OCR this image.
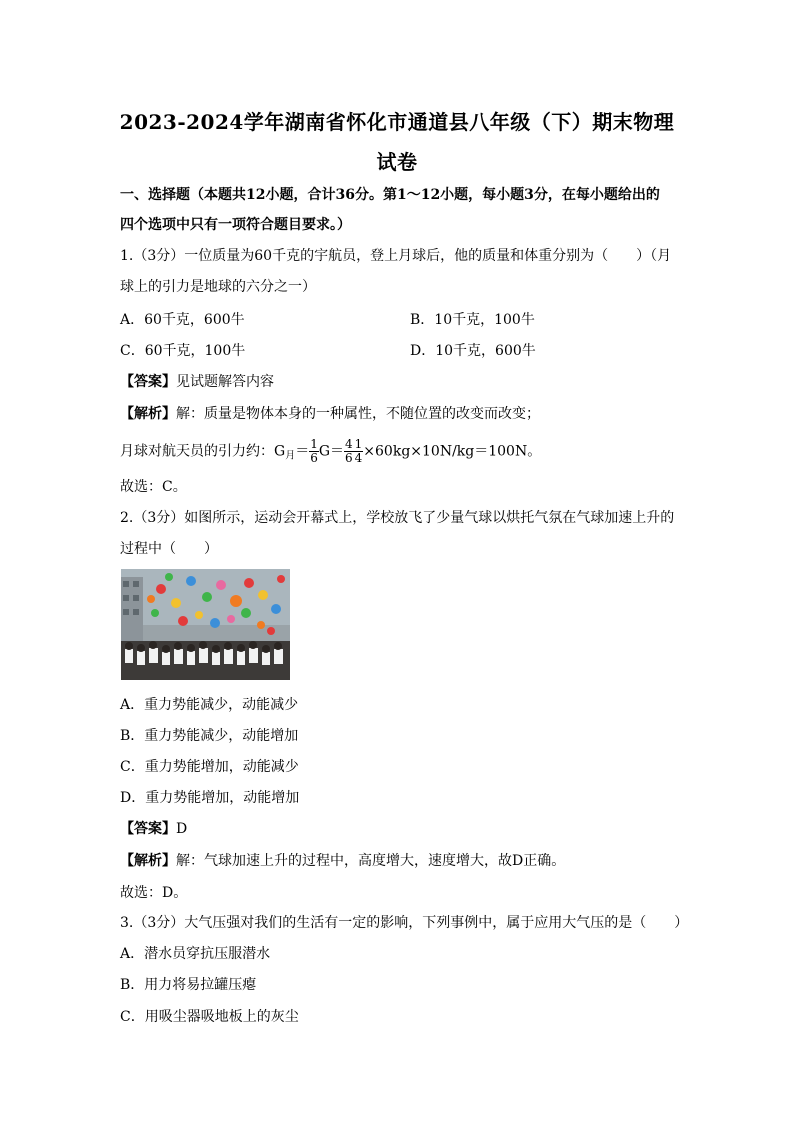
2023-2024学年湖南省怀化市通道县八年级（下）期末物理
试卷
一、选择题（本题共12小题，合计36分。第1～12小题，每小题3分，在每小题给出的
四个选项中只有一项符合题目要求。）
1.（3分）一位质量为60千克的宇航员，登上月球后，他的质量和体重分别为（　　）（月
球上的引力是地球的六分之一）
A．60千克，600牛	B．10千克，100牛
C．60千克，100牛	D．10千克，600牛
【答案】见试题解答内容
【解析】解：质量是物体本身的一种属性，不随位置的改变而改变；
月球对航天员的引力约：$G_月= \frac{1}{6} G= \frac{4}{6} \frac{1}{4} \times 60kg\times 10N/kg=100N$。
故选：C。
2.（3分）如图所示，运动会开幕式上，学校放飞了少量气球以烘托气氛在气球加速上升的
过程中（　　）
A．重力势能减少，动能减少
B．重力势能减少，动能增加
C．重力势能增加，动能减少
D．重力势能增加，动能增加
【答案】D
【解析】解：气球加速上升的过程中，高度增大，速度增大，故D正确。
故选：D。
3.（3分）大气压强对我们的生活有一定的影响，下列事例中，属于应用大气压的是（　　）
A．潜水员穿抗压服潜水
B．用力将易拉罐压瘪
C．用吸尘器吸地板上的灰尘
